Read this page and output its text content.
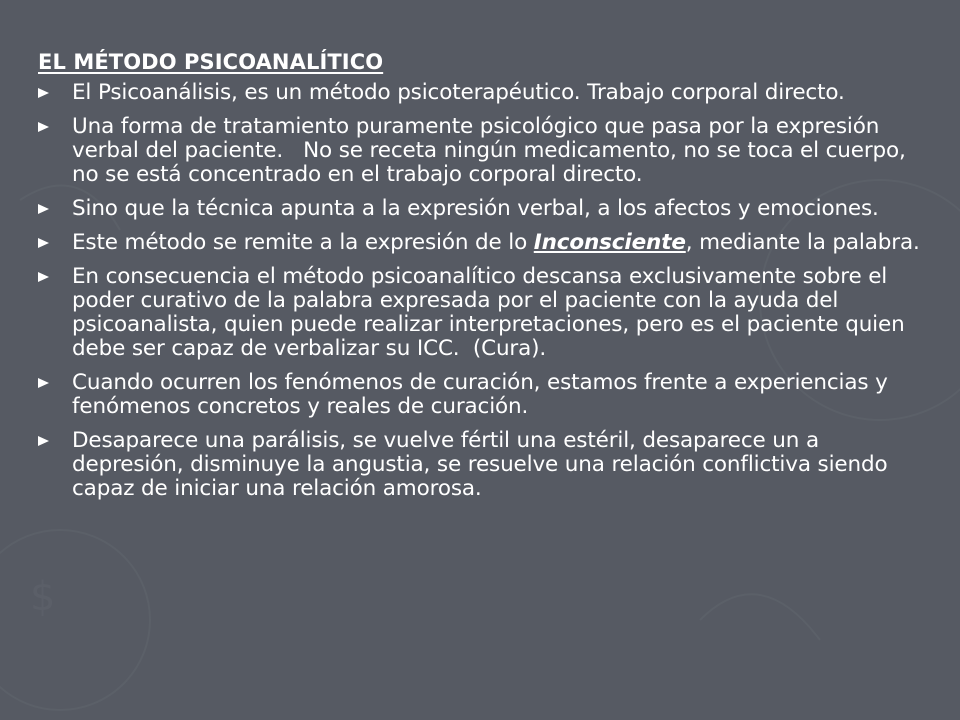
$
EL MÉTODO PSICOANALÍTICO
El Psicoanálisis, es un método psicoterapéutico. Trabajo corporal directo.
Una forma de tratamiento puramente psicológico que pasa por la expresión verbal del paciente.   No se receta ningún medicamento, no se toca el cuerpo, no se está concentrado en el trabajo corporal directo.
Sino que la técnica apunta a la expresión verbal, a los afectos y emociones.
Este método se remite a la expresión de lo Inconsciente, mediante la palabra.
En consecuencia el método psicoanalítico descansa exclusivamente sobre el poder curativo de la palabra expresada por el paciente con la ayuda del psicoanalista, quien puede realizar interpretaciones, pero es el paciente quien debe ser capaz de verbalizar su ICC.  (Cura).
Cuando ocurren los fenómenos de curación, estamos frente a experiencias y fenómenos concretos y reales de curación.
Desaparece una parálisis, se vuelve fértil una estéril, desaparece un a depresión, disminuye la angustia, se resuelve una relación conflictiva siendo capaz de iniciar una relación amorosa.
